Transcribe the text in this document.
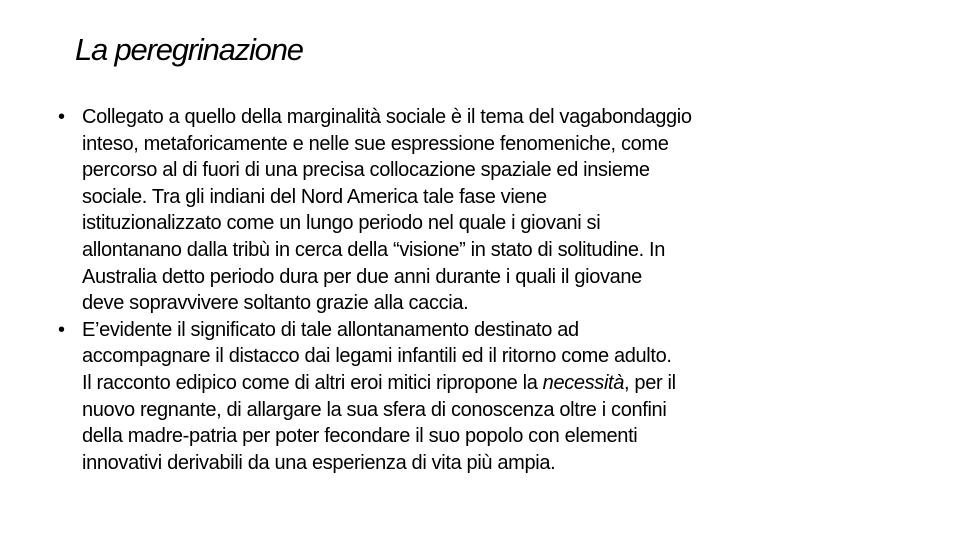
La peregrinazione
• Collegato a quello della marginalità sociale è il tema del vagabondaggio
inteso, metaforicamente e nelle sue espressione fenomeniche, come
percorso al di fuori di una precisa collocazione spaziale ed insieme
sociale. Tra gli indiani del Nord America tale fase viene
istituzionalizzato come un lungo periodo nel quale i giovani si
allontanano dalla tribù in cerca della “visione” in stato di solitudine. In
Australia detto periodo dura per due anni durante i quali il giovane
deve sopravvivere soltanto grazie alla caccia.
• E’evidente il significato di tale allontanamento destinato ad
accompagnare il distacco dai legami infantili ed il ritorno come adulto.
Il racconto edipico come di altri eroi mitici ripropone la necessità, per il
nuovo regnante, di allargare la sua sfera di conoscenza oltre i confini
della madre-patria per poter fecondare il suo popolo con elementi
innovativi derivabili da una esperienza di vita più ampia.
